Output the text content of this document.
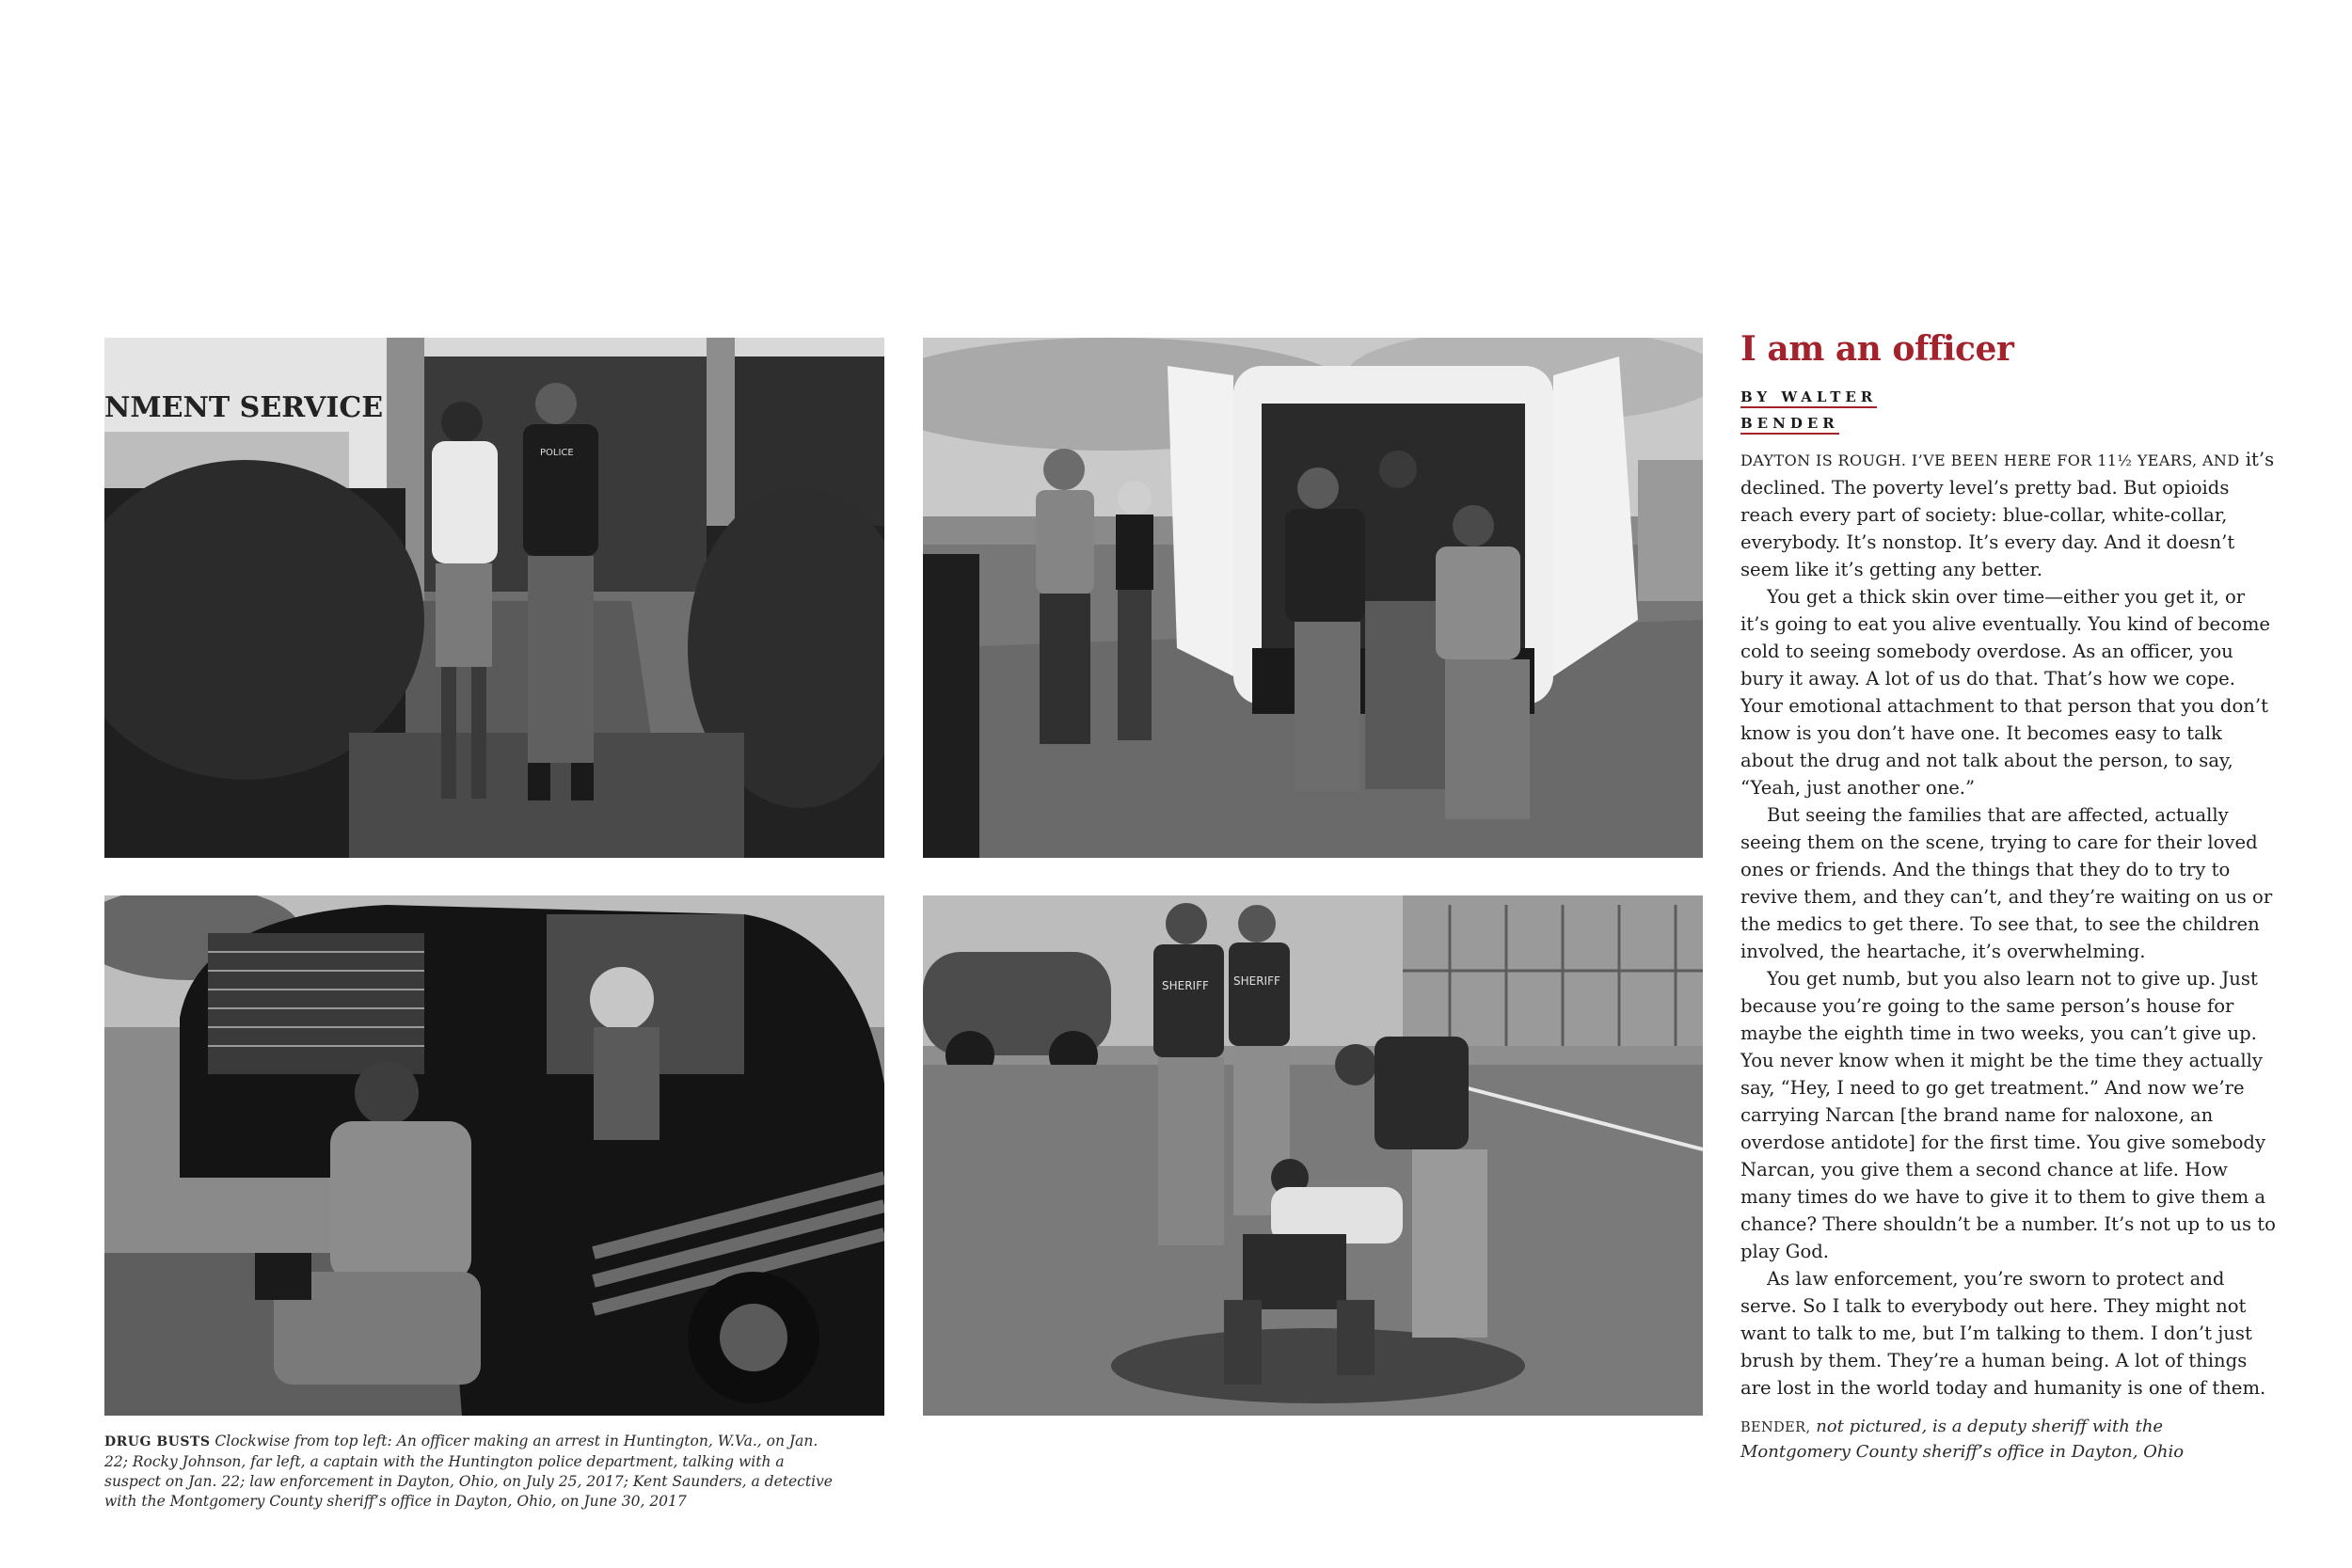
NMENT SERVICE
POLICE
SHERIFF SHERIFF
DRUG BUSTS Clockwise from top left: An officer making an arrest in Huntington, W.Va., on Jan. 22; Rocky Johnson, far left, a captain with the Huntington police department, talking with a suspect on Jan. 22; law enforcement in Dayton, Ohio, on July 25, 2017; Kent Saunders, a detective with the Montgomery County sheriff’s office in Dayton, Ohio, on June 30, 2017
I am an officer
BY WALTER
BENDER

DAYTON IS ROUGH. I’VE BEEN HERE FOR 11½ YEARS, AND it’s declined. The poverty level’s pretty bad. But opioids reach every part of society: blue-collar, white-collar, everybody. It’s nonstop. It’s every day. And it doesn’t seem like it’s getting any better.

You get a thick skin over time—either you get it, or it’s going to eat you alive eventually. You kind of become cold to seeing somebody overdose. As an officer, you bury it away. A lot of us do that. That’s how we cope. Your emotional attachment to that person that you don’t know is you don’t have one. It becomes easy to talk about the drug and not talk about the person, to say, “Yeah, just another one.”

But seeing the families that are affected, actually seeing them on the scene, trying to care for their loved ones or friends. And the things that they do to try to revive them, and they can’t, and they’re waiting on us or the medics to get there. To see that, to see the children involved, the heartache, it’s overwhelming.

You get numb, but you also learn not to give up. Just because you’re going to the same person’s house for maybe the eighth time in two weeks, you can’t give up. You never know when it might be the time they actually say, “Hey, I need to go get treatment.” And now we’re carrying Narcan [the brand name for naloxone, an overdose antidote] for the first time. You give somebody Narcan, you give them a second chance at life. How many times do we have to give it to them to give them a chance? There shouldn’t be a number. It’s not up to us to play God.

As law enforcement, you’re sworn to protect and serve. So I talk to everybody out here. They might not want to talk to me, but I’m talking to them. I don’t just brush by them. They’re a human being. A lot of things are lost in the world today and humanity is one of them.

BENDER, not pictured, is a deputy sheriff with the Montgomery County sheriff’s office in Dayton, Ohio
